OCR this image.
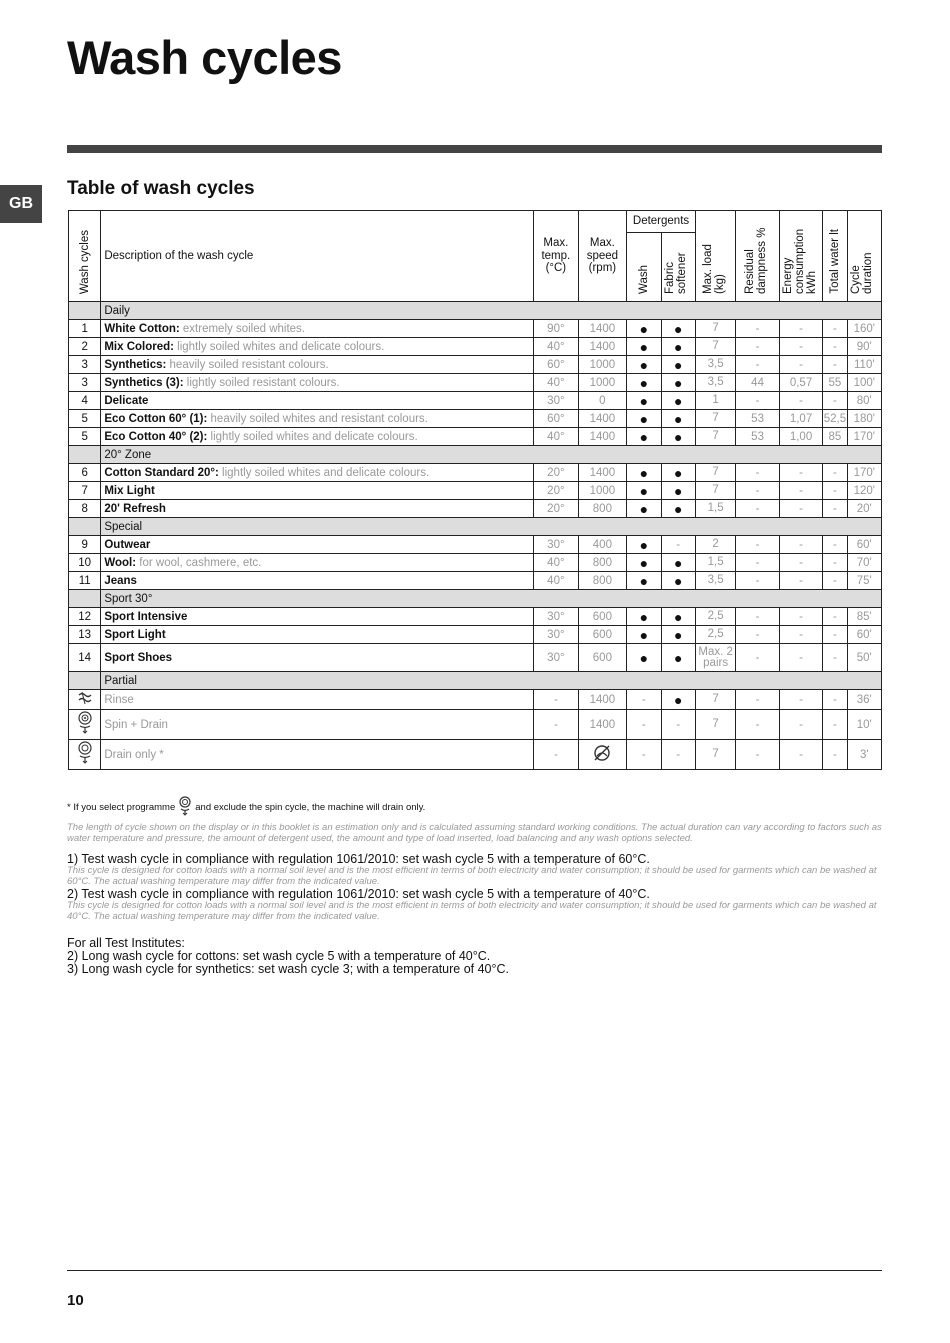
Wash cycles
GB
Table of wash cycles
Wash cycles	Description of the wash cycle	Max. temp. (°C)	Max. speed (rpm)	Detergents		Max. load (kg)	Residual dampness %	Energy consumption kWh	Total water lt	Cycle duration
				Wash	Fabric softener					
	Daily									
1	White Cotton: extremely soiled whites.	90°	1400	●	●	7	-	-	-	160'
2	Mix Colored: lightly soiled whites and delicate colours.	40°	1400	●	●	7	-	-	-	90'
3	Synthetics: heavily soiled resistant colours.	60°	1000	●	●	3,5	-	-	-	110'
3	Synthetics (3): lightly soiled resistant colours.	40°	1000	●	●	3,5	44	0,57	55	100'
4	Delicate	30°	0	●	●	1	-	-	-	80'
5	Eco Cotton 60° (1): heavily soiled whites and resistant colours.	60°	1400	●	●	7	53	1,07	52,5	180'
5	Eco Cotton 40° (2): lightly soiled whites and delicate colours.	40°	1400	●	●	7	53	1,00	85	170'
	20° Zone									
6	Cotton Standard 20°: lightly soiled whites and delicate colours.	20°	1400	●	●	7	-	-	-	170'
7	Mix Light	20°	1000	●	●	7	-	-	-	120'
8	20' Refresh	20°	800	●	●	1,5	-	-	-	20'
	Special									
9	Outwear	30°	400	●	-	2	-	-	-	60'
10	Wool: for wool, cashmere, etc.	40°	800	●	●	1,5	-	-	-	70'
11	Jeans	40°	800	●	●	3,5	-	-	-	75'
	Sport 30°									
12	Sport Intensive	30°	600	●	●	2,5	-	-	-	85'
13	Sport Light	30°	600	●	●	2,5	-	-	-	60'
14	Sport Shoes	30°	600	●	●	Max. 2 pairs	-	-	-	50'
	Partial									
	Rinse	-	1400	-	●	7	-	-	-	36'
	Spin + Drain	-	1400	-	-	7	-	-	-	10'
	Drain only *	-		-	-	7	-	-	-	3'
* If you select programme and exclude the spin cycle, the machine will drain only.
The length of cycle shown on the display or in this booklet is an estimation only and is calculated assuming standard working conditions. The actual duration can vary according to factors such as water temperature and pressure, the amount of detergent used, the amount and type of load inserted, load balancing and any wash options selected.
1) Test wash cycle in compliance with regulation 1061/2010: set wash cycle 5 with a temperature of 60°C.
This cycle is designed for cotton loads with a normal soil level and is the most efficient in terms of both electricity and water consumption; it should be used for garments which can be washed at 60°C. The actual washing temperature may differ from the indicated value.
2) Test wash cycle in compliance with regulation 1061/2010: set wash cycle 5 with a temperature of 40°C.
This cycle is designed for cotton loads with a normal soil level and is the most efficient in terms of both electricity and water consumption; it should be used for garments which can be washed at 40°C. The actual washing temperature may differ from the indicated value.
For all Test Institutes:
2) Long wash cycle for cottons: set wash cycle 5 with a temperature of 40°C.
3) Long wash cycle for synthetics: set wash cycle 3; with a temperature of 40°C.
10
